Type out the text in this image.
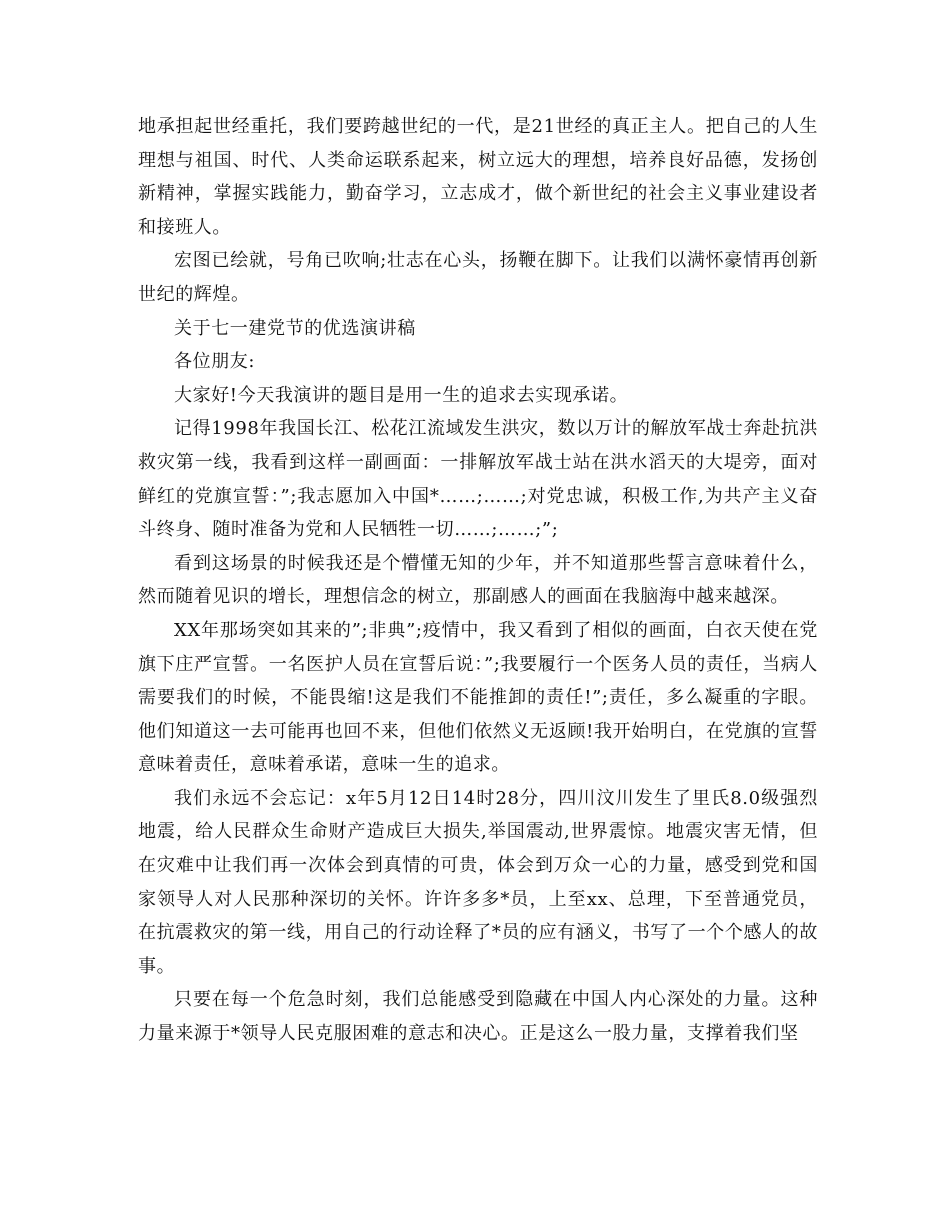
地承担起世经重托，我们要跨越世纪的一代，是21世经的真正主人。把自己的人生理想与祖国、时代、人类命运联系起来，树立远大的理想，培养良好品德，发扬创新精神，掌握实践能力，勤奋学习，立志成才，做个新世纪的社会主义事业建设者和接班人。

宏图已绘就，号角已吹响;壮志在心头，扬鞭在脚下。让我们以满怀豪情再创新世纪的辉煌。

关于七一建党节的优选演讲稿

各位朋友:

大家好!今天我演讲的题目是用一生的追求去实现承诺。

记得1998年我国长江、松花江流域发生洪灾，数以万计的解放军战士奔赴抗洪救灾第一线，我看到这样一副画面：一排解放军战士站在洪水滔天的大堤旁，面对鲜红的党旗宣誓：”;我志愿加入中国*……;……;对党忠诚，积极工作,为共产主义奋斗终身、随时准备为党和人民牺牲一切……;……;”;

看到这场景的时候我还是个懵懂无知的少年，并不知道那些誓言意味着什么，然而随着见识的增长，理想信念的树立，那副感人的画面在我脑海中越来越深。

XX年那场突如其来的”;非典”;疫情中，我又看到了相似的画面，白衣天使在党旗下庄严宣誓。一名医护人员在宣誓后说：”;我要履行一个医务人员的责任，当病人需要我们的时候，不能畏缩!这是我们不能推卸的责任!”;责任，多么凝重的字眼。他们知道这一去可能再也回不来，但他们依然义无返顾!我开始明白，在党旗的宣誓意味着责任，意味着承诺，意味一生的追求。

我们永远不会忘记：x年5月12日14时28分，四川汶川发生了里氏8.0级强烈地震，给人民群众生命财产造成巨大损失,举国震动,世界震惊。地震灾害无情，但在灾难中让我们再一次体会到真情的可贵，体会到万众一心的力量，感受到党和国家领导人对人民那种深切的关怀。许许多多*员，上至xx、总理，下至普通党员，在抗震救灾的第一线，用自己的行动诠释了*员的应有涵义，书写了一个个感人的故事。

只要在每一个危急时刻，我们总能感受到隐藏在中国人内心深处的力量。这种力量来源于*领导人民克服困难的意志和决心。正是这么一股力量，支撑着我们坚
